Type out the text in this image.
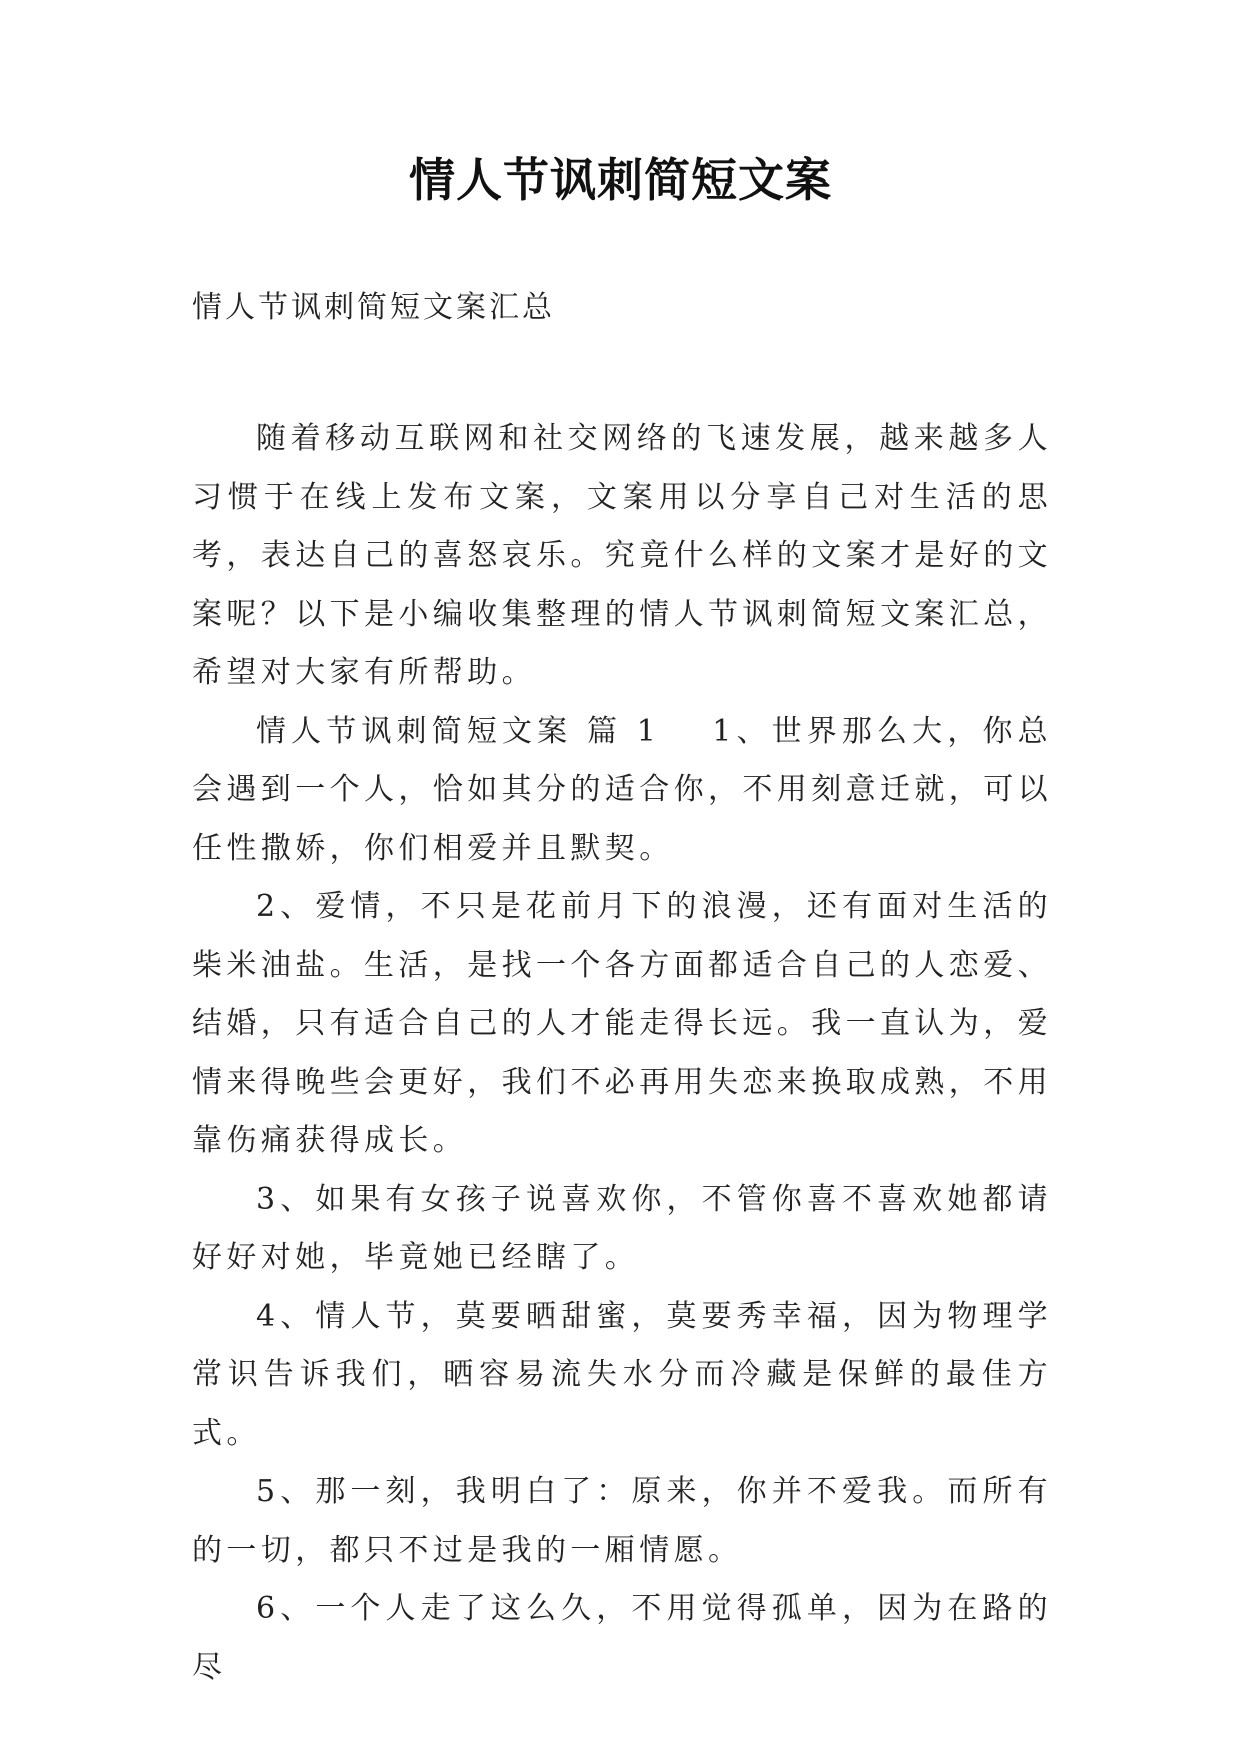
情人节讽刺简短文案

情人节讽刺简短文案汇总

随着移动互联网和社交网络的飞速发展，越来越多人习惯于在线上发布文案，文案用以分享自己对生活的思考，表达自己的喜怒哀乐。究竟什么样的文案才是好的文案呢？以下是小编收集整理的情人节讽刺简短文案汇总，希望对大家有所帮助。

情人节讽刺简短文案 篇 1 1、世界那么大，你总会遇到一个人，恰如其分的适合你，不用刻意迁就，可以任性撒娇，你们相爱并且默契。

2、爱情，不只是花前月下的浪漫，还有面对生活的柴米油盐。生活，是找一个各方面都适合自己的人恋爱、结婚，只有适合自己的人才能走得长远。我一直认为，爱情来得晚些会更好，我们不必再用失恋来换取成熟，不用靠伤痛获得成长。

3、如果有女孩子说喜欢你，不管你喜不喜欢她都请好好对她，毕竟她已经瞎了。

4、情人节，莫要晒甜蜜，莫要秀幸福，因为物理学常识告诉我们，晒容易流失水分而冷藏是保鲜的最佳方式。

5、那一刻，我明白了：原来，你并不爱我。而所有的一切，都只不过是我的一厢情愿。

6、一个人走了这么久，不用觉得孤单，因为在路的尽
